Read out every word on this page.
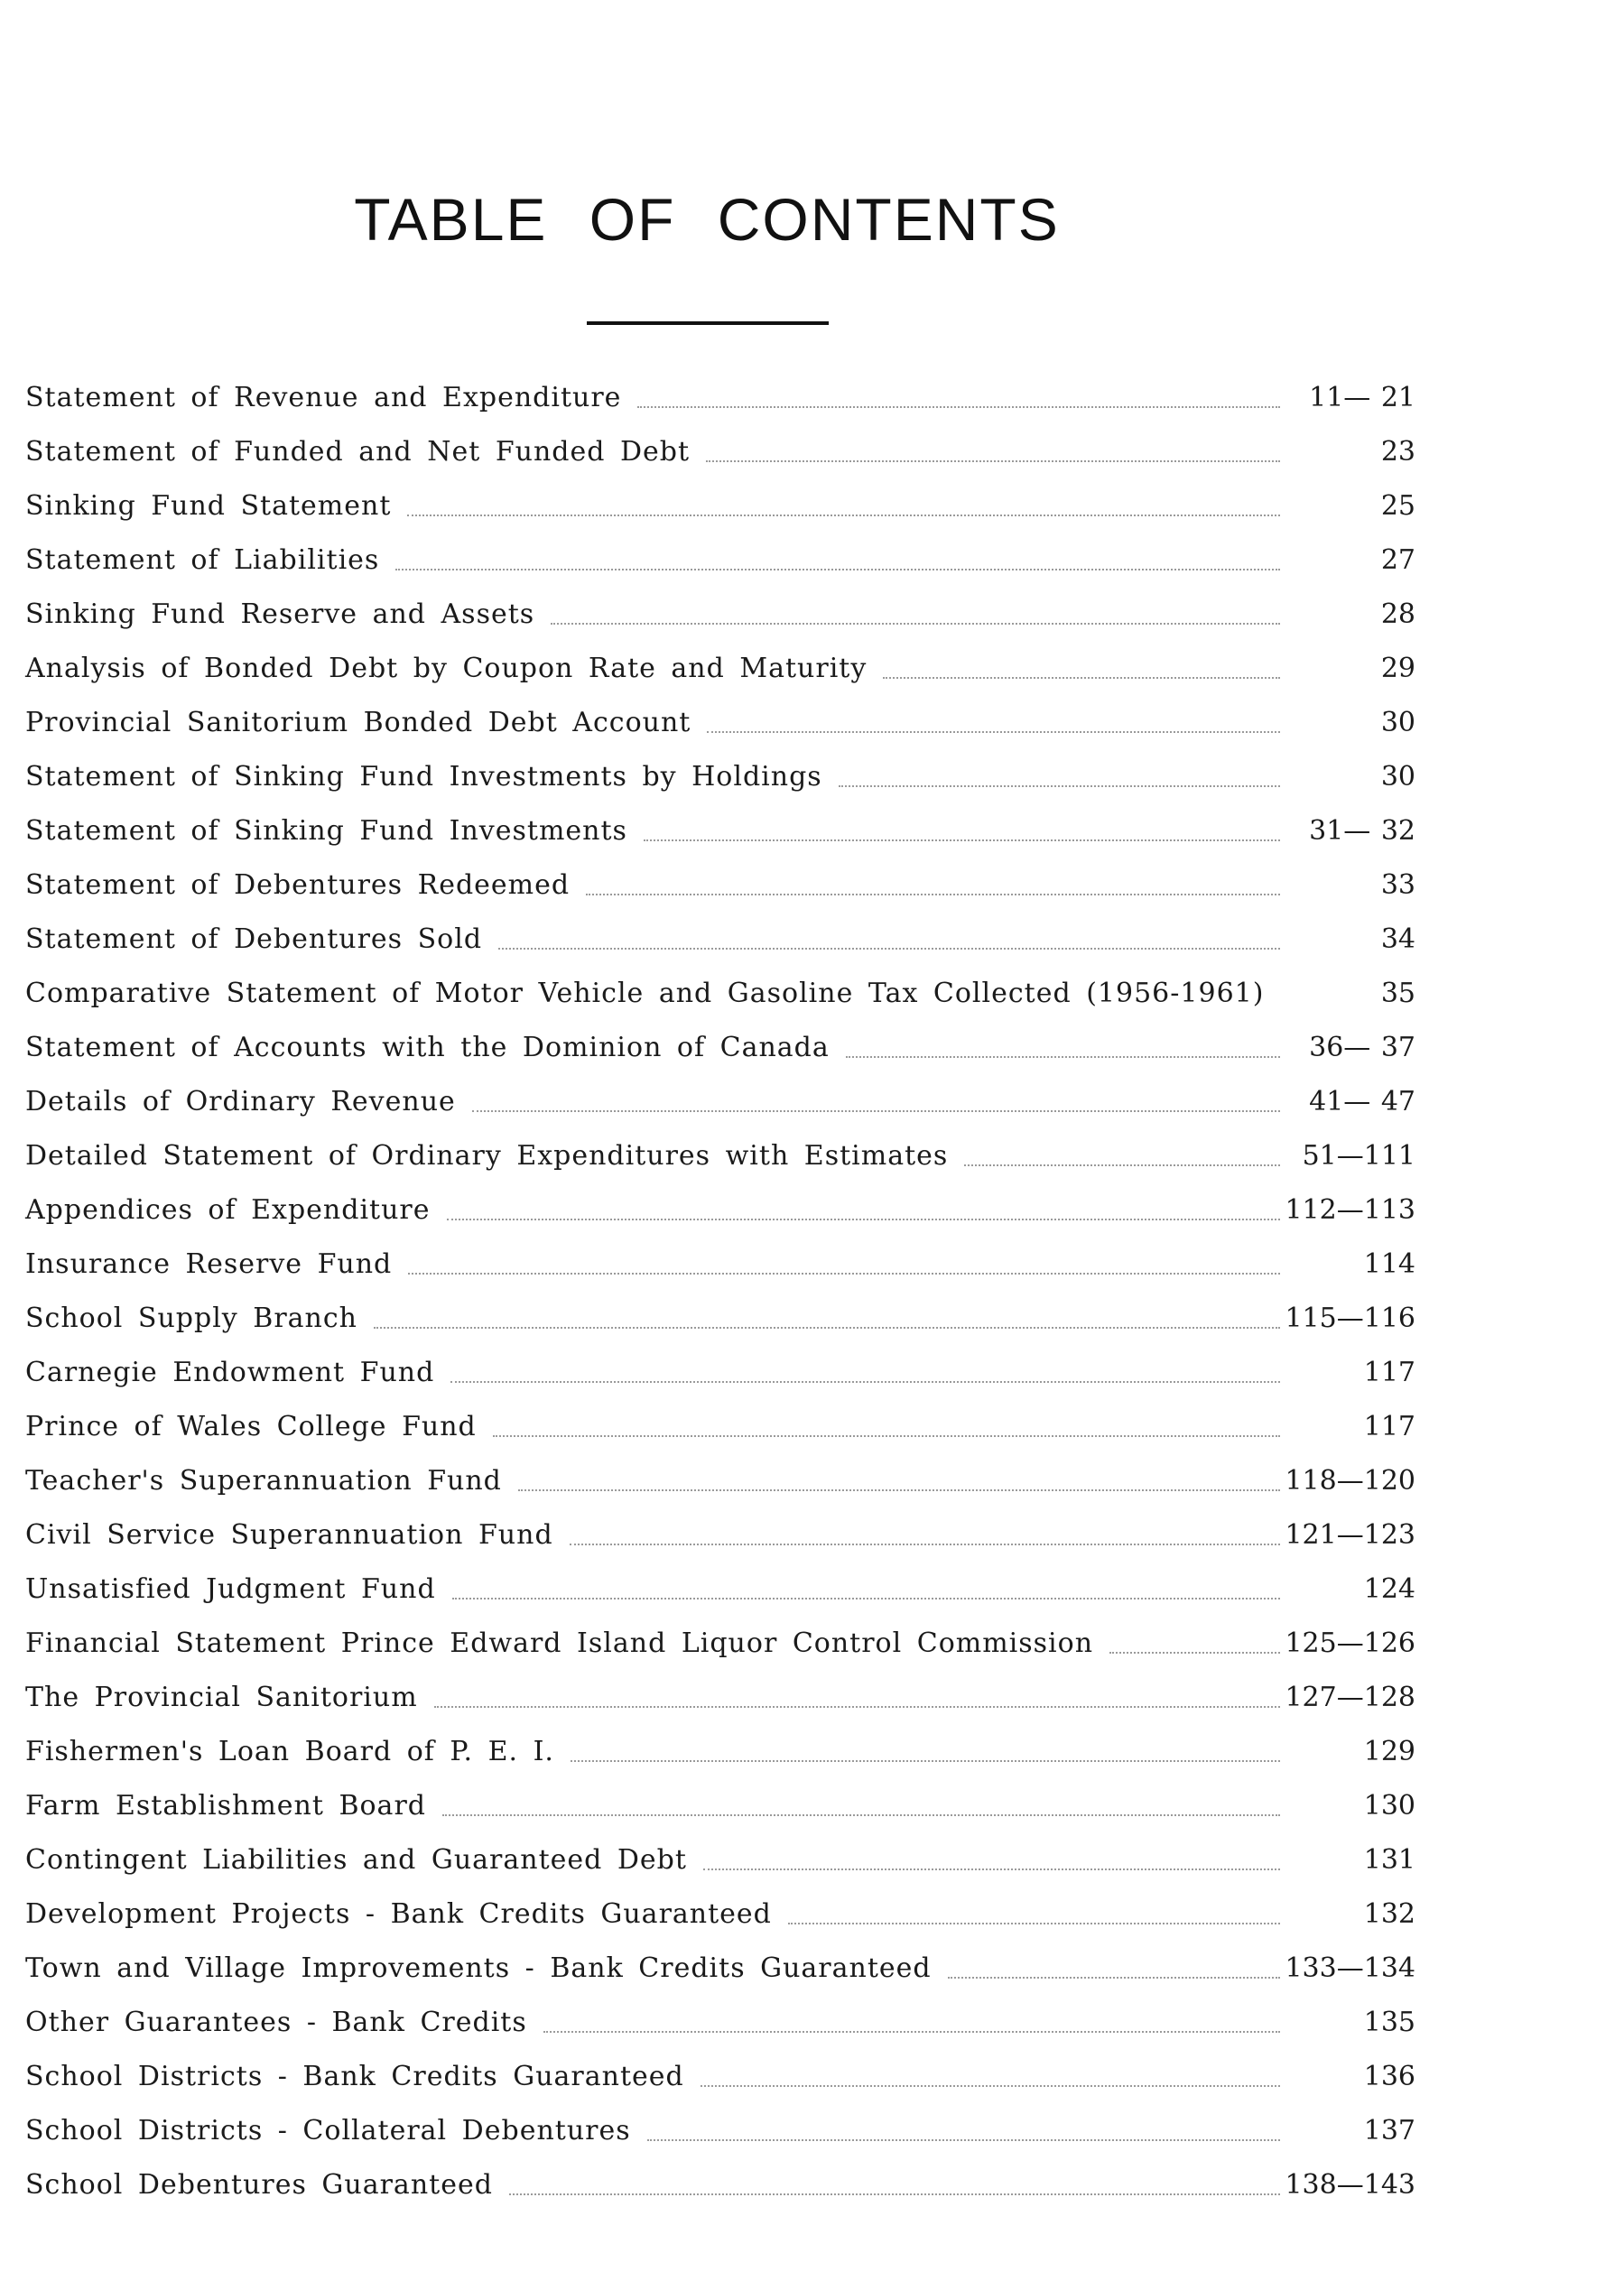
TABLE OF CONTENTS
Statement of Revenue and Expenditure	11— 21
Statement of Funded and Net Funded Debt	23
Sinking Fund Statement	25
Statement of Liabilities	27
Sinking Fund Reserve and Assets	28
Analysis of Bonded Debt by Coupon Rate and Maturity	29
Provincial Sanitorium Bonded Debt Account	30
Statement of Sinking Fund Investments by Holdings	30
Statement of Sinking Fund Investments	31— 32
Statement of Debentures Redeemed	33
Statement of Debentures Sold	34
Comparative Statement of Motor Vehicle and Gasoline Tax Collected (1956-1961)	35
Statement of Accounts with the Dominion of Canada	36— 37
Details of Ordinary Revenue	41— 47
Detailed Statement of Ordinary Expenditures with Estimates	51—111
Appendices of Expenditure	112—113
Insurance Reserve Fund	114
School Supply Branch	115—116
Carnegie Endowment Fund	117
Prince of Wales College Fund	117
Teacher's Superannuation Fund	118—120
Civil Service Superannuation Fund	121—123
Unsatisfied Judgment Fund	124
Financial Statement Prince Edward Island Liquor Control Commission	125—126
The Provincial Sanitorium	127—128
Fishermen's Loan Board of P. E. I.	129
Farm Establishment Board	130
Contingent Liabilities and Guaranteed Debt	131
Development Projects - Bank Credits Guaranteed	132
Town and Village Improvements - Bank Credits Guaranteed	133—134
Other Guarantees - Bank Credits	135
School Districts - Bank Credits Guaranteed	136
School Districts - Collateral Debentures	137
School Debentures Guaranteed	138—143
